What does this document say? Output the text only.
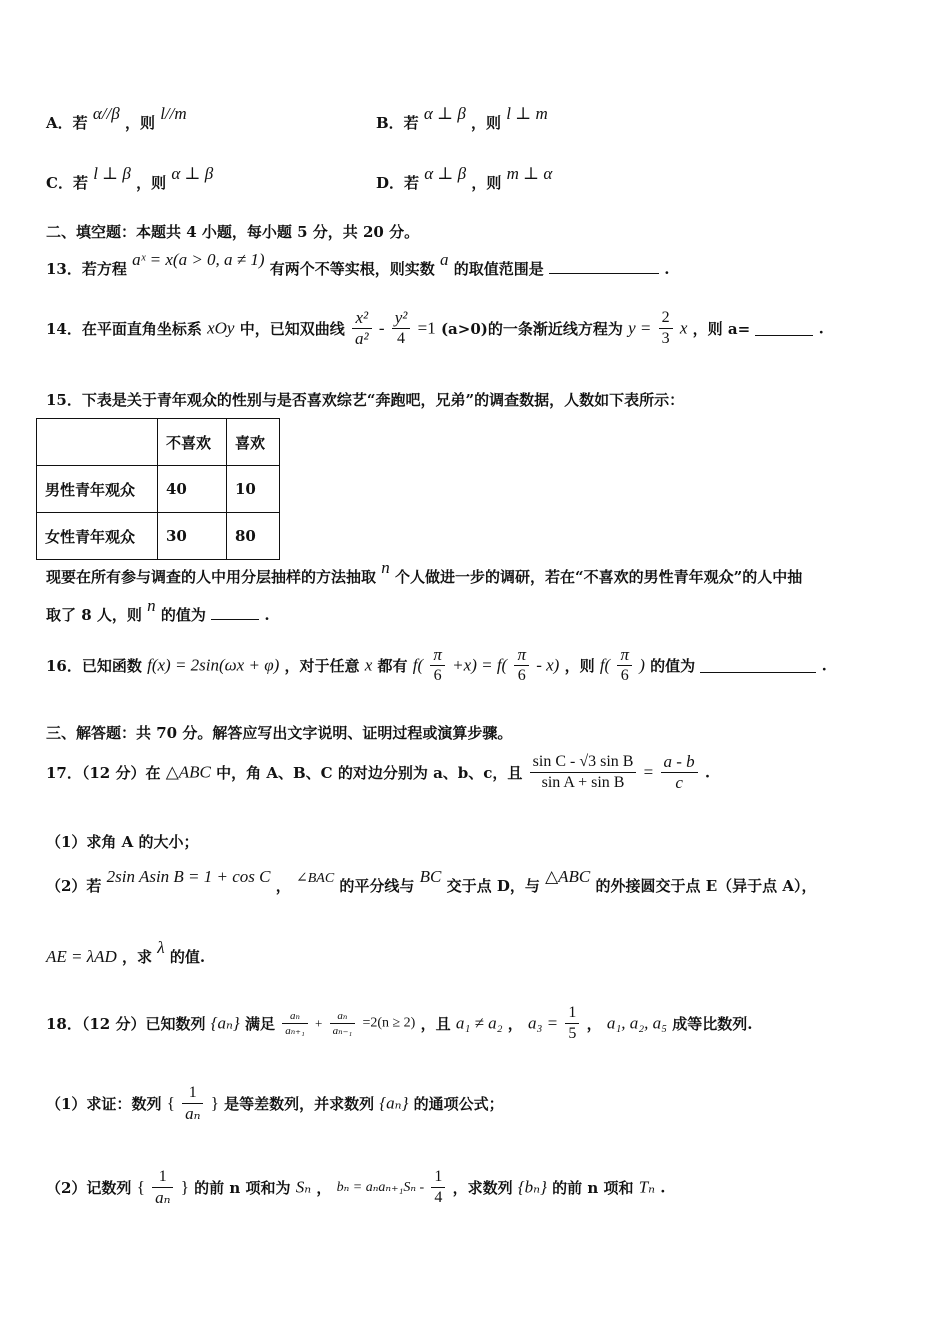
A．若 α//β ，则 l//m	B．若 α ⊥ β ，则 l ⊥ m
C．若 l ⊥ β ，则 α ⊥ β	D．若 α ⊥ β ，则 m ⊥ α
二、填空题：本题共 4 小题，每小题 5 分，共 20 分。
13．若方程 aˣ = x(a > 0, a ≠ 1) 有两个不等实根，则实数 a 的取值范围是	.
14．在平面直角坐标系 xOy 中，已知双曲线 $\frac{\text{x²}}{\text{a²}} - \frac{\text{y²}}{4} =1$ (a>0)的一条渐近线方程为 $y = \frac{2}{3}$ x ，则 a=	.
15．下表是关于青年观众的性别与是否喜欢综艺“奔跑吧，兄弟”的调查数据，人数如下表所示：
	不喜欢	喜欢
男性青年观众	40	10
女性青年观众	30	80
现要在所有参与调查的人中用分层抽样的方法抽取 n 个人做进一步的调研，若在“不喜欢的男性青年观众”的人中抽
取了 8 人，则 n 的值为	.
16．已知函数 f(x) = 2sin(ωx + φ) ，对于任意 x 都有 $f( \frac{\pi}{6} +x) = f( \frac{\pi}{6} - x)$ ，则 $f( \frac{\pi}{6}$ ) 的值为	.
三、解答题：共 70 分。解答应写出文字说明、证明过程或演算步骤。
17．（12 分）在 △ABC 中，角 A、B、C 的对边分别为 a、b、c，且 $\frac{\text{sin C - √3 sin B}}{\text{sin A + sin B}} = \frac{a - b}{c}$ .
（1）求角 A 的大小；
（2）若 2sin Asin B = 1 + cos C ， ∠BAC 的平分线与 BC 交于点 D，与 △ABC 的外接圆交于点 E（异于点 A），
AE = λAD ，求 λ 的值.
18．（12 分）已知数列 {aₙ} 满足 $\frac{\text{aₙ}}{\text{aₙ₊₁}} + \frac{\text{aₙ}}{\text{aₙ₋₁}} =2(n \ge 2)$ ，且 a₁ ≠ a₂ ， $a_3 = \frac{1}{5}$ ， a₁, a₂, a₅ 成等比数列.
（1）求证：数列 { $\frac{1}{\text{aₙ}}$ } 是等差数列，并求数列 {aₙ} 的通项公式；
（2）记数列 { $\frac{1}{\text{aₙ}}$ } 的前 n 项和为 Sₙ ， $b_n = a_na_{n+1}S_n - \frac{1}{4}$ ，求数列 {bₙ} 的前 n 项和 Tₙ .
